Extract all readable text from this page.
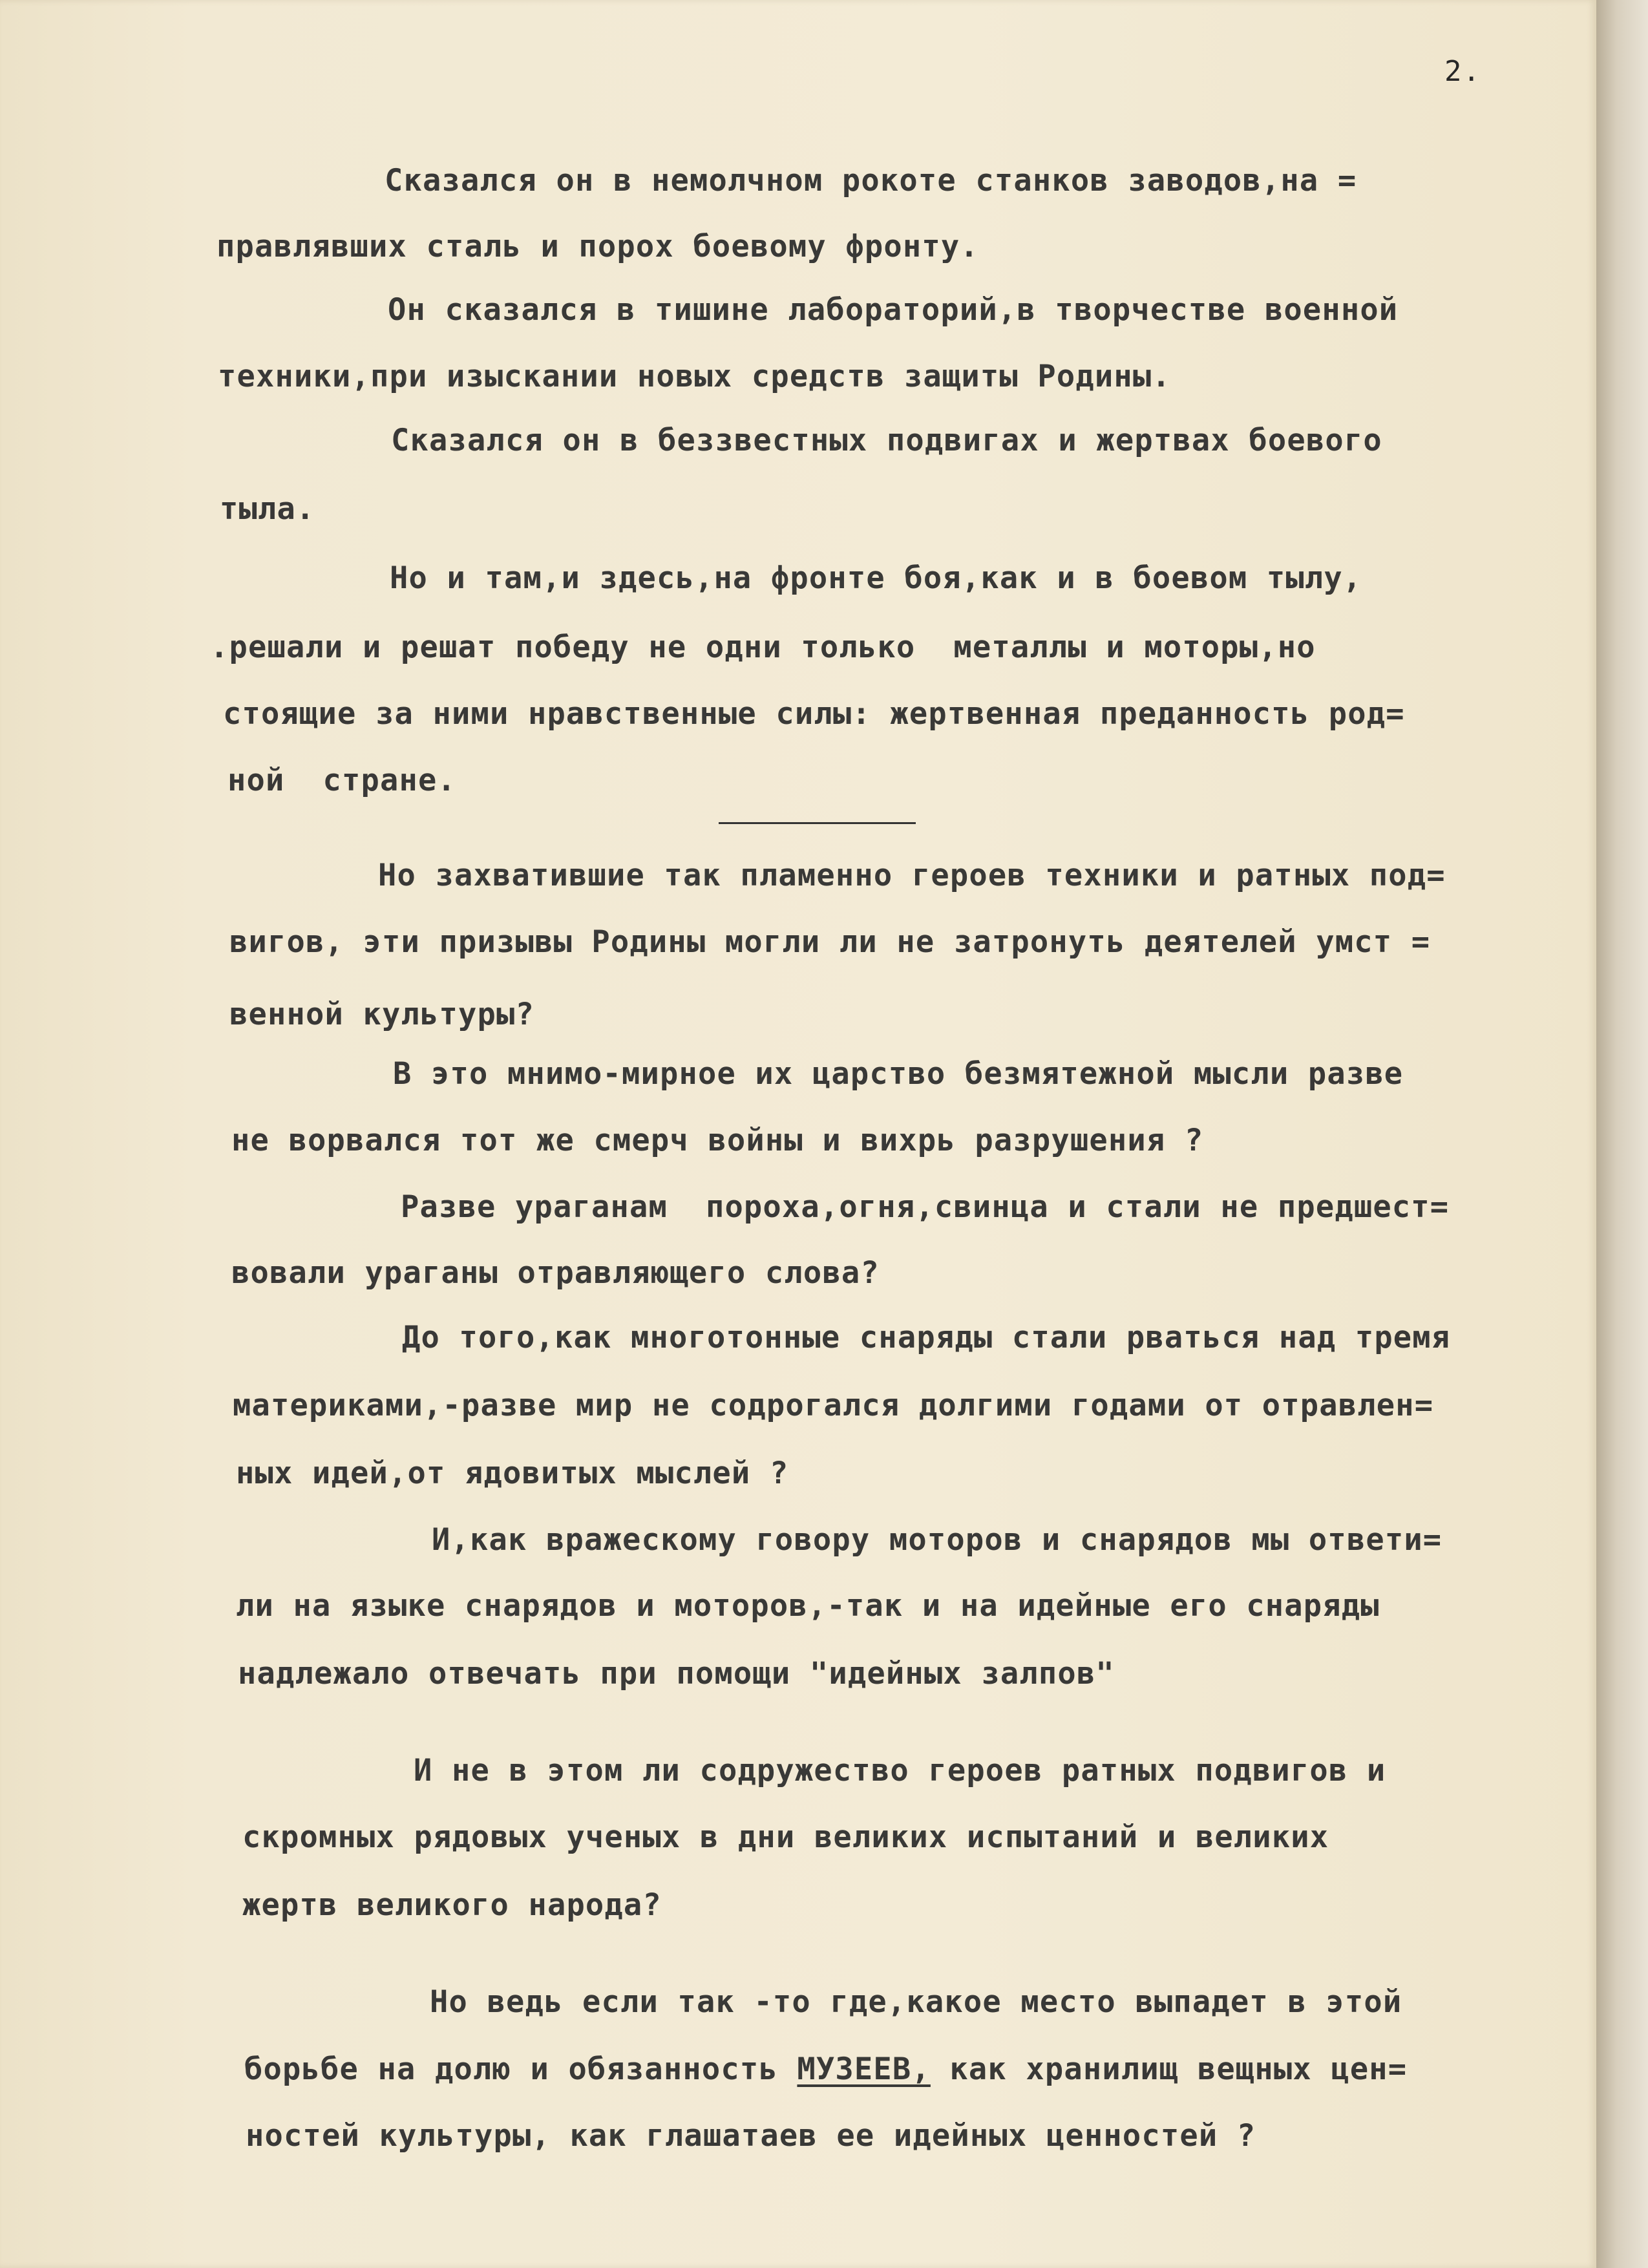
2.
Сказался он в немолчном рокоте станков заводов,на =
правлявших сталь и порох боевому фронту.
Он сказался в тишине лабораторий,в творчестве военной
техники,при изыскании новых средств защиты Родины.
Сказался он в беззвестных подвигах и жертвах боевого
тыла.
Но и там,и здесь,на фронте боя,как и в боевом тылу,
.решали и решат победу не одни только  металлы и моторы,но
стоящие за ними нравственные силы: жертвенная преданность род=
ной  стране.
Но захватившие так пламенно героев техники и ратных под=
вигов, эти призывы Родины могли ли не затронуть деятелей умст =
венной культуры?
В это мнимо-мирное их царство безмятежной мысли разве
не ворвался тот же смерч войны и вихрь разрушения ?
Разве ураганам  пороха,огня,свинца и стали не предшест=
вовали ураганы отравляющего слова?
До того,как многотонные снаряды стали рваться над тремя
материками,-разве мир не содрогался долгими годами от отравлен=
ных идей,от ядовитых мыслей ?
И,как вражескому говору моторов и снарядов мы ответи=
ли на языке снарядов и моторов,-так и на идейные его снаряды
надлежало отвечать при помощи "идейных залпов"
И не в этом ли содружество героев ратных подвигов и
скромных рядовых ученых в дни великих испытаний и великих
жертв великого народа?
Но ведь если так -то где,какое место выпадет в этой
борьбе на долю и обязанность МУЗЕЕВ, как хранилищ вещных цен=
ностей культуры, как глашатаев ее идейных ценностей ?
